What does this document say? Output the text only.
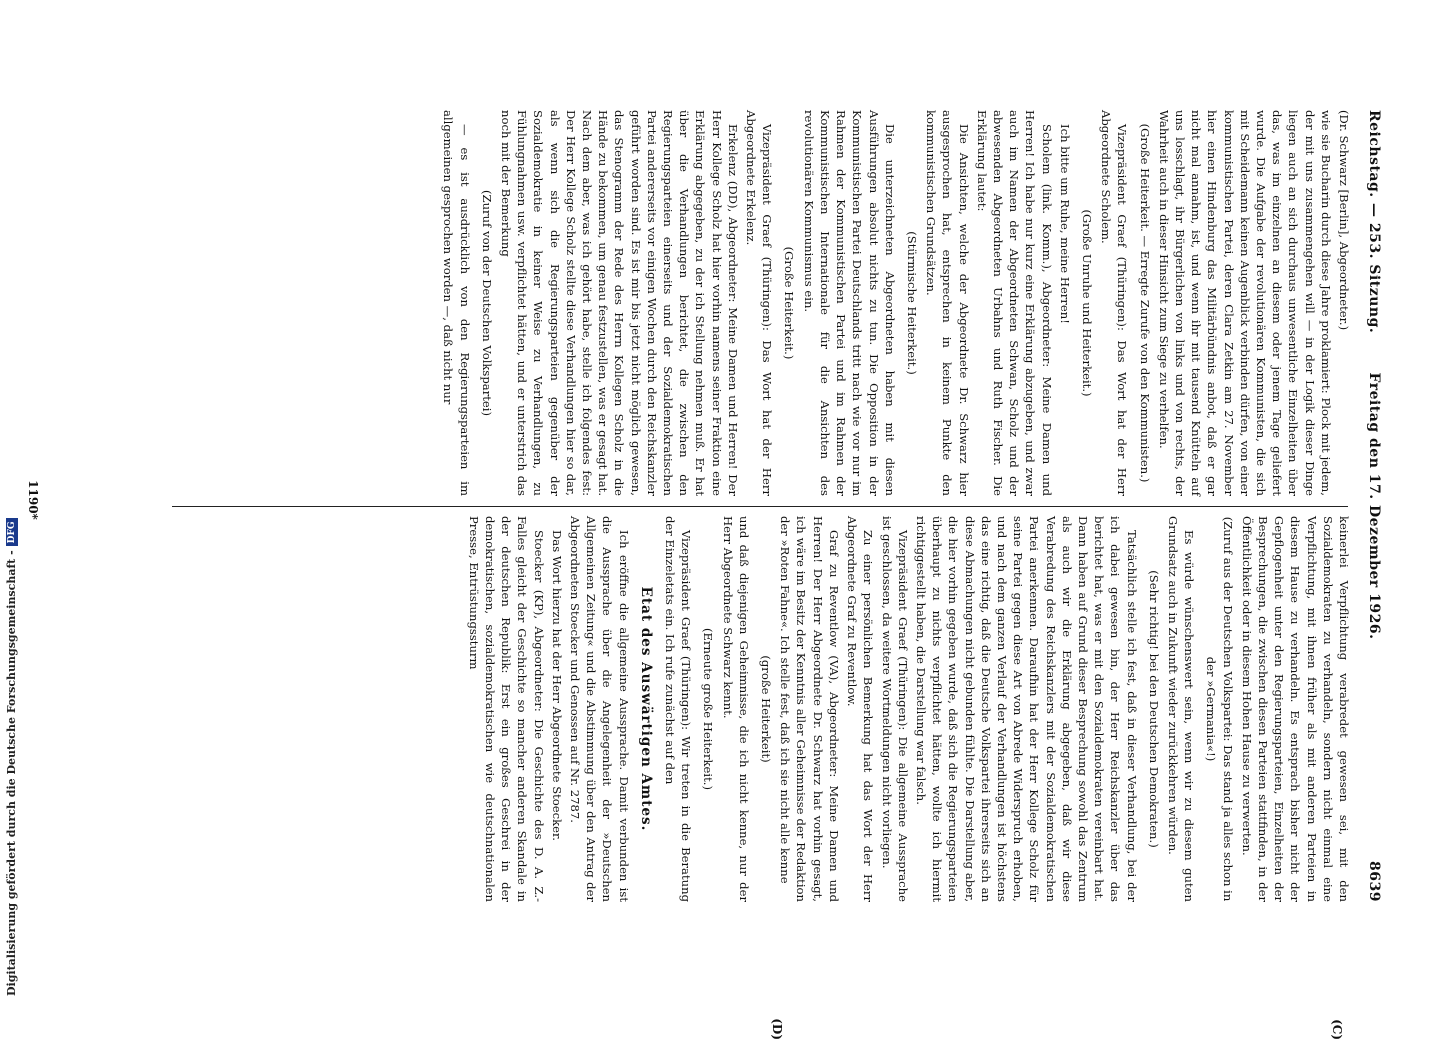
Reichstag. — 253. Sitzung.
Freitag den 17. Dezember 1926.
8639
(C)
(D)

(Dr. Schwarz [Berlin], Abgeordneter.)

wie sie Bucharin durch diese Jahre proklamiert: Plock mit jedem, der mit uns zusammengehen will — in der Logik dieser Dinge liegen auch an sich durchaus unwesentliche Einzelheiten über das, was im einzelnen an diesem oder jenem Tage geliefert wurde. Die Aufgabe der revolutionären Kommunisten, die sich mit Scheidemann keinen Augenblick verbinden dürfen, von einer kommunistischen Partei, deren Clara Zetkin am 27. November hier einen Hindenburg das Militärbündnis anbot, daß er gar nicht mal annahm, ist, und wenn ihr mit tausend Knütteln auf uns losschlagt, ihr Bürgerlichen von links und von rechts, der Wahrheit auch in dieser Hinsicht zum Siege zu verhelfen.

(Große Heiterkeit. — Erregte Zurufe von den Kommunisten.)

Vizepräsident Graef (Thüringen): Das Wort hat der Herr Abgeordnete Scholem.

(Große Unruhe und Heiterkeit.)

Ich bitte um Ruhe, meine Herren!

Scholem (link. Komm.), Abgeordneter: Meine Damen und Herren! Ich habe nur kurz eine Erklärung abzugeben, und zwar auch im Namen der Abgeordneten Schwan, Scholz und der abwesenden Abgeordneten Urbahns und Ruth Fischer. Die Erklärung lautet:

Die Ansichten, welche der Abgeordnete Dr. Schwarz hier ausgesprochen hat, entsprechen in keinem Punkte den kommunistischen Grundsätzen.

(Stürmische Heiterkeit.)

Die unterzeichneten Abgeordneten haben mit diesen Ausführungen absolut nichts zu tun. Die Opposition in der Kommunistischen Partei Deutschlands tritt nach wie vor nur im Rahmen der Kommunistischen Partei und im Rahmen der Kommunistischen Internationale für die Ansichten des revolutionären Kommunismus ein.

(Große Heiterkeit.)

Vizepräsident Graef (Thüringen): Das Wort hat der Herr Abgeordnete Erkelenz.

Erkelenz (DD), Abgeordneter: Meine Damen und Herren! Der Herr Kollege Scholz hat hier vorhin namens seiner Fraktion eine Erklärung abgegeben, zu der ich Stellung nehmen muß. Er hat über die Verhandlungen berichtet, die zwischen den Regierungsparteien einerseits und der Sozialdemokratischen Partei andererseits vor einigen Wochen durch den Reichskanzler geführt worden sind. Es ist mir bis jetzt nicht möglich gewesen, das Stenogramm der Rede des Herrn Kollegen Scholz in die Hände zu bekommen, um genau festzustellen, was er gesagt hat. Nach dem aber, was ich gehört habe, stelle ich folgendes fest: Der Herr Kollege Scholz stellte diese Verhandlungen hier so dar, als wenn sich die Regierungsparteien gegenüber der Sozialdemokratie in keiner Weise zu Verhandlungen, zu Fühlungnahmen usw. verpflichtet hätten, und er unterstrich das noch mit der Bemerkung

(Zuruf von der Deutschen Volkspartei)

— es ist ausdrücklich von den Regierungsparteien im allgemeinen gesprochen worden —, daß nicht nur

keinerlei Verpflichtung verabredet gewesen sei, mit den Sozialdemokraten zu verhandeln, sondern nicht einmal eine Verpflichtung, mit ihnen früher als mit anderen Parteien in diesem Hause zu verhandeln. Es entsprach bisher nicht der Gepflogenheit unter den Regierungsparteien, Einzelheiten der Besprechungen, die zwischen diesen Parteien stattfinden, in der Öffentlichkeit oder in diesem Hohen Hause zu verwerten.

(Zuruf aus der Deutschen Volkspartei: Das stand ja alles schon in der »Germania«!)

Es würde wünschenswert sein, wenn wir zu diesem guten Grundsatz auch in Zukunft wieder zurückkehren würden.

(Sehr richtig! bei den Deutschen Demokraten.)

Tatsächlich stelle ich fest, daß in dieser Verhandlung, bei der ich dabei gewesen bin, der Herr Reichskanzler über das berichtet hat, was er mit den Sozialdemokraten vereinbart hat. Dann haben auf Grund dieser Besprechung sowohl das Zentrum als auch wir die Erklärung abgegeben, daß wir diese Verabredung des Reichskanzlers mit der Sozialdemokratischen Partei anerkennen. Daraufhin hat der Herr Kollege Scholz für seine Partei gegen diese Art von Abrede Widerspruch erhoben, und nach dem ganzen Verlauf der Verhandlungen ist höchstens das eine richtig, daß die Deutsche Volkspartei ihrerseits sich an diese Abmachungen nicht gebunden fühlte. Die Darstellung aber, die hier vorhin gegeben wurde, daß sich die Regierungsparteien überhaupt zu nichts verpflichtet hätten, wollte ich hiermit richtiggestellt haben, die Darstellung war falsch.

Vizepräsident Graef (Thüringen): Die allgemeine Aussprache ist geschlossen, da weitere Wortmeldungen nicht vorliegen.

Zu einer persönlichen Bemerkung hat das Wort der Herr Abgeordnete Graf zu Reventlow.

Graf zu Reventlow (VA), Abgeordneter: Meine Damen und Herren! Der Herr Abgeordnete Dr. Schwarz hat vorhin gesagt, ich wäre im Besitz der Kenntnis aller Geheimnisse der Redaktion der »Roten Fahne«. Ich stelle fest, daß ich sie nicht alle kenne

(große Heiterkeit)

und daß diejenigen Geheimnisse, die ich nicht kenne, nur der Herr Abgeordnete Schwarz kennt.

(Erneute große Heiterkeit.)

Vizepräsident Graef (Thüringen): Wir treten in die Beratung der Einzeletats ein. Ich rufe zunächst auf den

Etat des Auswärtigen Amtes.

Ich eröffne die allgemeine Aussprache. Damit verbunden ist die Aussprache über die Angelegenheit der »Deutschen Allgemeinen Zeitung« und die Abstimmung über den Antrag der Abgeordneten Stoecker und Genossen auf Nr. 2787.

Das Wort hierzu hat der Herr Abgeordnete Stoecker.

Stoecker (KP), Abgeordneter: Die Geschichte des D. A. Z.-Falles gleicht der Geschichte so mancher anderen Skandale in der deutschen Republik: Erst ein großes Geschrei in der demokratischen, sozialdemokratischen wie deutschnationalen Presse, Entrüstungssturm

1190*
Digitalisierung gefördert durch die Deutsche Forschungsgemeinschaft -
DFG
